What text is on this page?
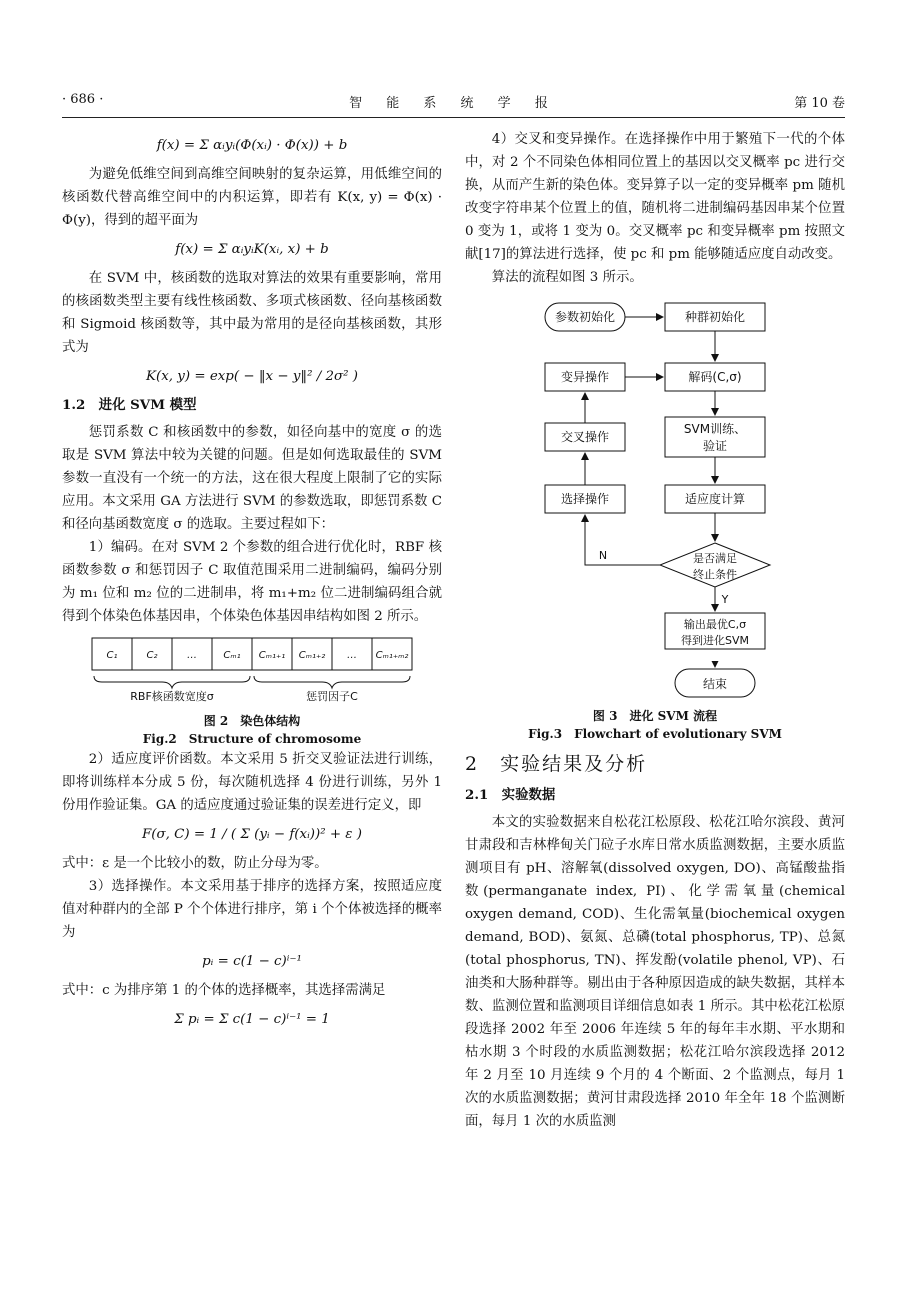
· 686 ·	智 能 系 统 学 报	第 10 卷
f(x) = Σ αᵢyᵢ(Φ(xᵢ) · Φ(x)) + b

为避免低维空间到高维空间映射的复杂运算，用低维空间的核函数代替高维空间中的内积运算，即若有 K(x, y) = Φ(x) · Φ(y)，得到的超平面为

f(x) = Σ αᵢyᵢK(xᵢ, x) + b

在 SVM 中，核函数的选取对算法的效果有重要影响，常用的核函数类型主要有线性核函数、多项式核函数、径向基核函数和 Sigmoid 核函数等，其中最为常用的是径向基核函数，其形式为

K(x, y) = exp( − ‖x − y‖² / 2σ² )
1.2　进化 SVM 模型

惩罚系数 C 和核函数中的参数，如径向基中的宽度 σ 的选取是 SVM 算法中较为关键的问题。但是如何选取最佳的 SVM 参数一直没有一个统一的方法，这在很大程度上限制了它的实际应用。本文采用 GA 方法进行 SVM 的参数选取，即惩罚系数 C 和径向基函数宽度 σ 的选取。主要过程如下：

1）编码。在对 SVM 2 个参数的组合进行优化时，RBF 核函数参数 σ 和惩罚因子 C 取值范围采用二进制编码，编码分别为 m₁ 位和 m₂ 位的二进制串，将 m₁+m₂ 位二进制编码组合就得到个体染色体基因串，个体染色体基因串结构如图 2 所示。

C₁	C₂	…	Cₘ₁ Cₘ₁₊₁ Cₘ₁₊₂ … Cₘ₁₊ₘ₂
RBF核函数宽度σ	惩罚因子C
图 2　染色体结构
Fig.2　Structure of chromosome

2）适应度评价函数。本文采用 5 折交叉验证法进行训练，即将训练样本分成 5 份，每次随机选择 4 份进行训练，另外 1 份用作验证集。GA 的适应度通过验证集的误差进行定义，即

F(σ, C) = 1 / ( Σ (yᵢ − f(xᵢ))² + ε )

式中：ε 是一个比较小的数，防止分母为零。

3）选择操作。本文采用基于排序的选择方案，按照适应度值对种群内的全部 P 个个体进行排序，第 i 个个体被选择的概率为

pᵢ = c(1 − c)ⁱ⁻¹

式中：c 为排序第 1 的个体的选择概率，其选择需满足

Σ pᵢ = Σ c(1 − c)ⁱ⁻¹ = 1

4）交叉和变异操作。在选择操作中用于繁殖下一代的个体中，对 2 个不同染色体相同位置上的基因以交叉概率 pc 进行交换，从而产生新的染色体。变异算子以一定的变异概率 pm 随机改变字符串某个位置上的值，随机将二进制编码基因串某个位置 0 变为 1，或将 1 变为 0。交叉概率 pc 和变异概率 pm 按照文献[17]的算法进行选择，使 pc 和 pm 能够随适应度自动改变。

算法的流程如图 3 所示。

参数初始化	种群初始化
变异操作	解码(C,σ)
交叉操作
SVM训练、
验证
选择操作	适应度计算
是否满足
终止条件
N
Y
输出最优C,σ
得到进化SVM
结束
图 3　进化 SVM 流程
Fig.3　Flowchart of evolutionary SVM
2　实验结果及分析
2.1　实验数据

本文的实验数据来自松花江松原段、松花江哈尔滨段、黄河甘肃段和吉林桦甸关门砬子水库日常水质监测数据，主要水质监测项目有 pH、溶解氧(dissolved oxygen, DO)、高锰酸盐指数(permanganate index, PI)、化学需氧量(chemical oxygen demand, COD)、生化需氧量(biochemical oxygen demand, BOD)、氨氮、总磷(total phosphorus, TP)、总氮(total phosphorus, TN)、挥发酚(volatile phenol, VP)、石油类和大肠种群等。剔出由于各种原因造成的缺失数据，其样本数、监测位置和监测项目详细信息如表 1 所示。其中松花江松原段选择 2002 年至 2006 年连续 5 年的每年丰水期、平水期和枯水期 3 个时段的水质监测数据；松花江哈尔滨段选择 2012 年 2 月至 10 月连续 9 个月的 4 个断面、2 个监测点，每月 1 次的水质监测数据；黄河甘肃段选择 2010 年全年 18 个监测断面，每月 1 次的水质监测
